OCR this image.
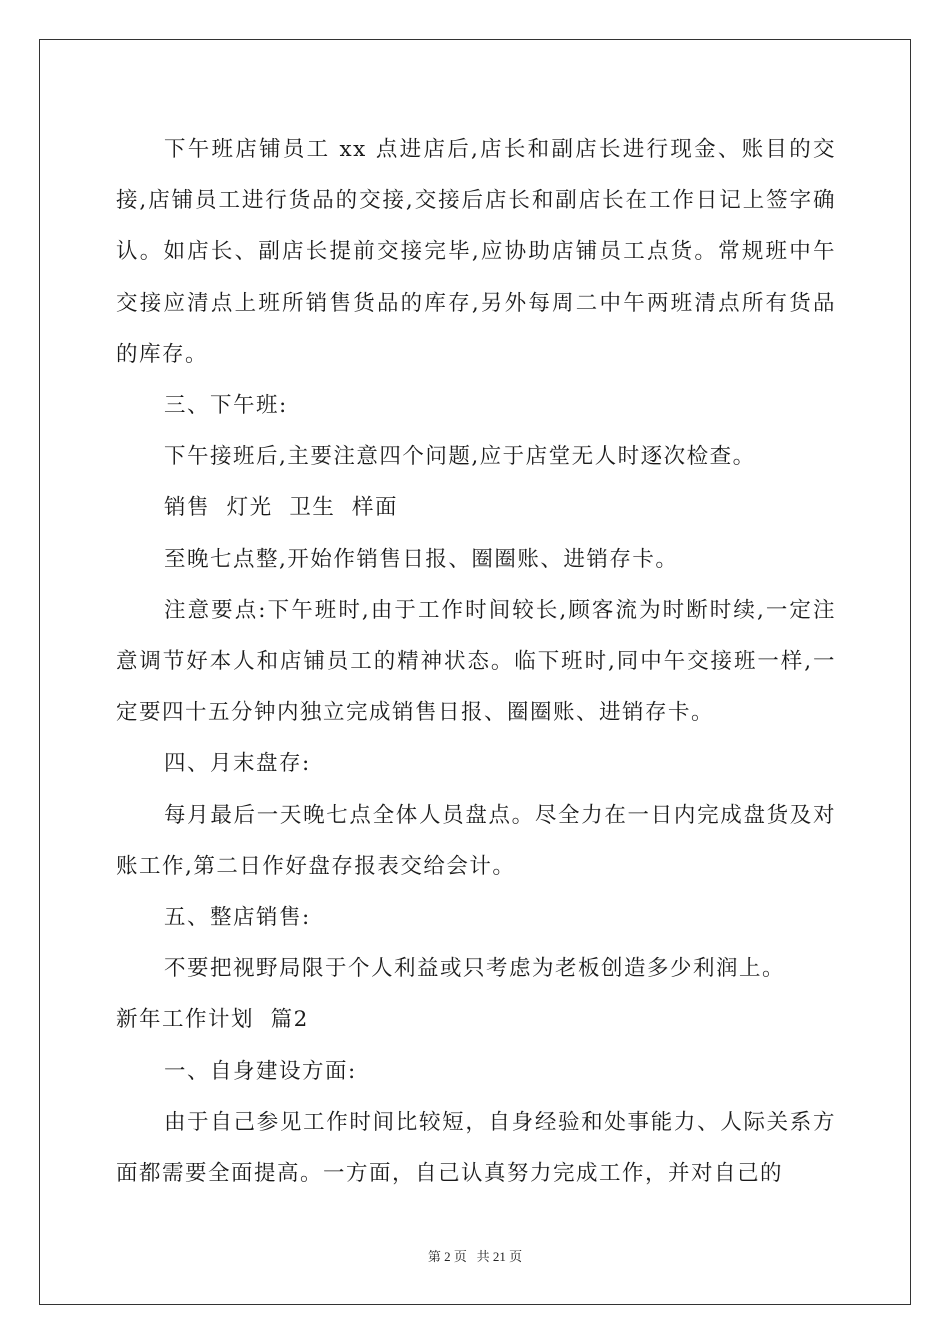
下午班店铺员工 xx 点进店后,店长和副店长进行现金、账目的交接,店铺员工进行货品的交接,交接后店长和副店长在工作日记上签字确认。如店长、副店长提前交接完毕,应协助店铺员工点货。常规班中午交接应清点上班所销售货品的库存,另外每周二中午两班清点所有货品的库存。

三、下午班:

下午接班后,主要注意四个问题,应于店堂无人时逐次检查。

销售  灯光  卫生  样面

至晚七点整,开始作销售日报、圈圈账、进销存卡。

注意要点:下午班时,由于工作时间较长,顾客流为时断时续,一定注意调节好本人和店铺员工的精神状态。临下班时,同中午交接班一样,一定要四十五分钟内独立完成销售日报、圈圈账、进销存卡。

四、月末盘存:

每月最后一天晚七点全体人员盘点。尽全力在一日内完成盘货及对账工作,第二日作好盘存报表交给会计。

五、整店销售:

不要把视野局限于个人利益或只考虑为老板创造多少利润上。

新年工作计划  篇2

一、自身建设方面:

由于自己参见工作时间比较短，自身经验和处事能力、人际关系方面都需要全面提高。一方面，自己认真努力完成工作，并对自己的

第 2 页   共 21 页
